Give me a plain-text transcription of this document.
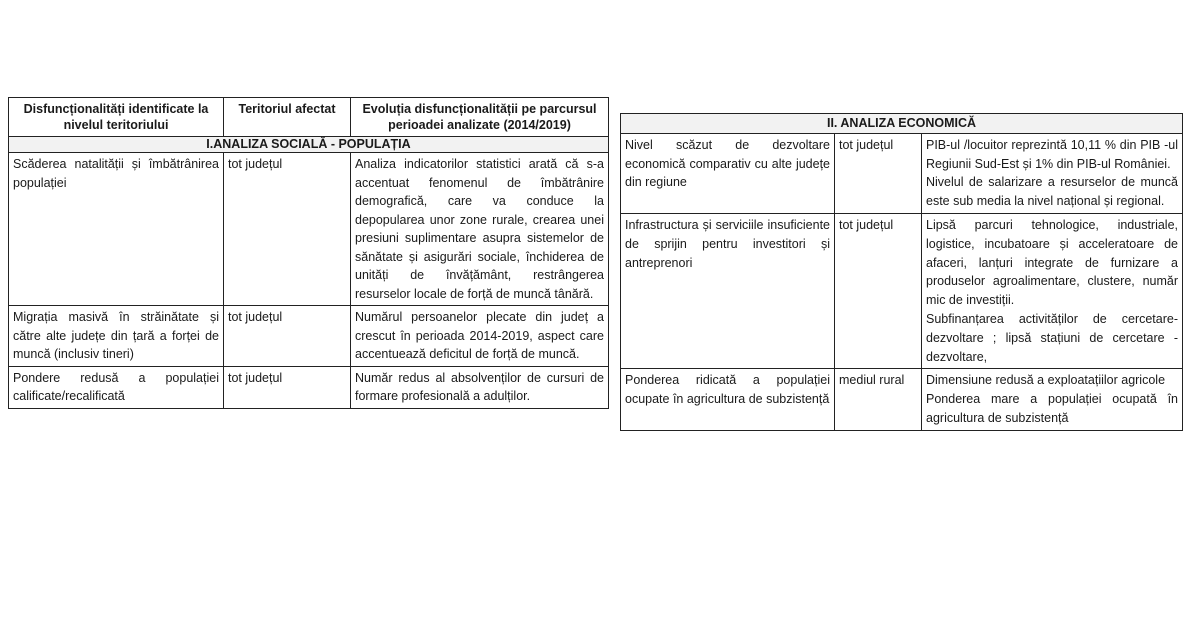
Disfuncționalități identificate la nivelul teritoriului	Teritoriul afectat	Evoluția disfuncționalității pe parcursul perioadei analizate (2014/2019)
I.ANALIZA SOCIALĂ - POPULAȚIA		
Scăderea natalității și îmbătrânirea populației	tot județul	Analiza indicatorilor statistici arată că s-a accentuat fenomenul de îmbătrânire demografică, care va conduce la depopularea unor zone rurale, crearea unei presiuni suplimentare asupra sistemelor de sănătate și asigurări sociale, închiderea de unități de învățământ, restrângerea resurselor locale de forță de muncă tânără.
Migrația masivă în străinătate și către alte județe din țară a forței de muncă (inclusiv tineri)	tot județul	Numărul persoanelor plecate din județ a crescut în perioada 2014-2019, aspect care accentuează deficitul de forță de muncă.
Pondere redusă a populației calificate/recalificată	tot județul	Număr redus al absolvenților de cursuri de formare profesională a adulților.
II. ANALIZA ECONOMICĂ		
Nivel scăzut de dezvoltare economică comparativ cu alte județe din regiune	tot județul	PIB-ul /locuitor reprezintă 10,11 % din PIB -ul Regiunii Sud-Est și 1% din PIB-ul României.
Nivelul de salarizare a resurselor de muncă este sub media la nivel național și regional.

Infrastructura și serviciile insuficiente de sprijin pentru investitori și antreprenori	tot județul	Lipsă parcuri tehnologice, industriale, logistice, incubatoare și acceleratoare de afaceri, lanțuri integrate de furnizare a produselor agroalimentare, clustere, număr mic de investiții.
Subfinanțarea activităților de cercetare-dezvoltare ; lipsă stațiuni de cercetare -dezvoltare,

Ponderea ridicată a populației ocupate în agricultura de subzistență	mediul rural	Dimensiune redusă a exploatațiilor agricole
Ponderea mare a populației ocupată în agricultura de subzistență
